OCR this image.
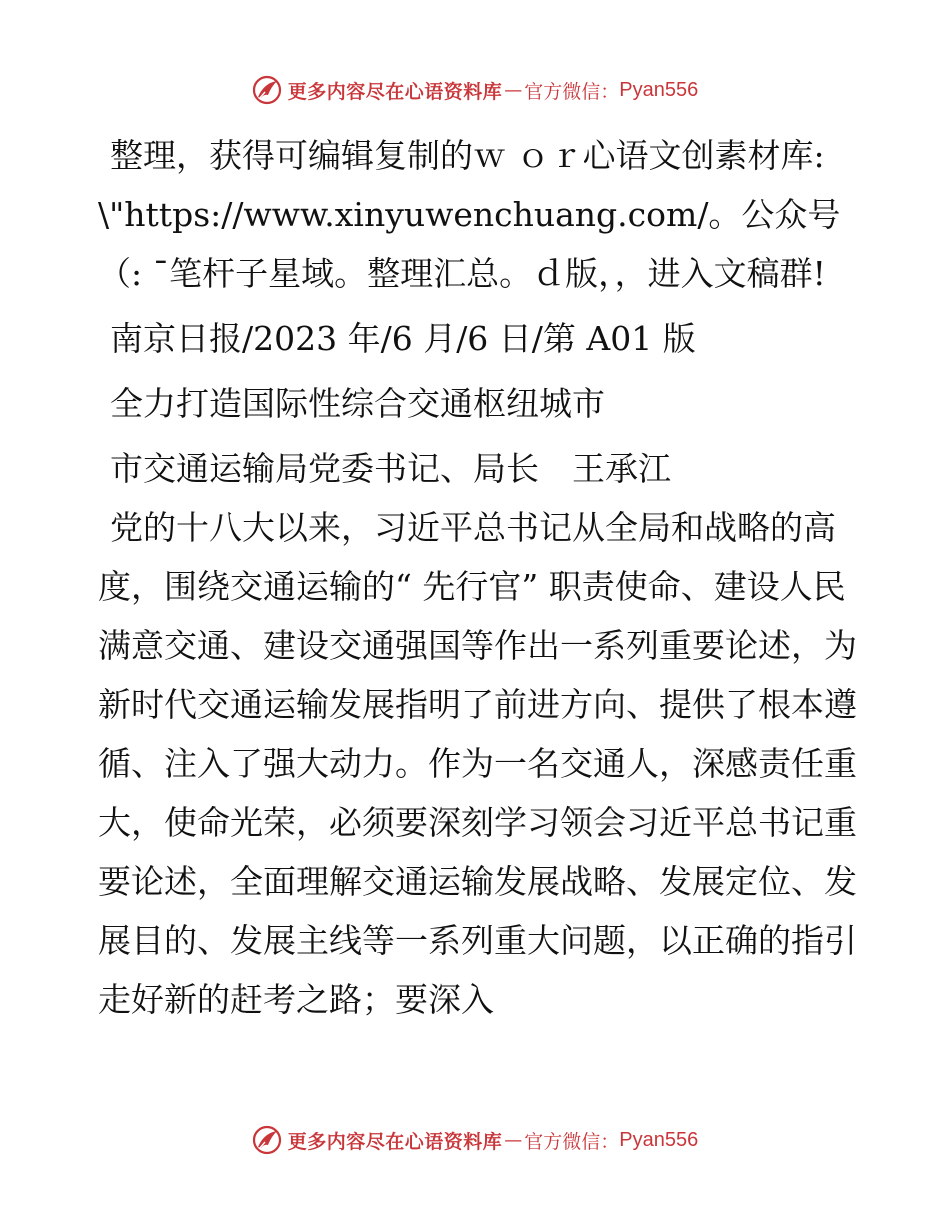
更多内容尽在心语资料库 — 官方微信： Pyan556

整理，获得可编辑复制的ｗ ｏｒ心语文创素材库: \"https://www.xinyuwenchuang.com/。公众号（: ¯笔杆子星域。整理汇总。ｄ版，，进入文稿群!

南京日报/2023 年/6 月/6 日/第 A01 版

全力打造国际性综合交通枢纽城市

市交通运输局党委书记、局长　王承江

党的十八大以来，习近平总书记从全局和战略的高度，围绕交通运输的“ 先行官” 职责使命、建设人民满意交通、建设交通强国等作出一系列重要论述，为新时代交通运输发展指明了前进方向、提供了根本遵循、注入了强大动力。作为一名交通人，深感责任重大，使命光荣，必须要深刻学习领会习近平总书记重要论述，全面理解交通运输发展战略、发展定位、发展目的、发展主线等一系列重大问题，以正确的指引走好新的赶考之路；要深入

更多内容尽在心语资料库 — 官方微信： Pyan556
